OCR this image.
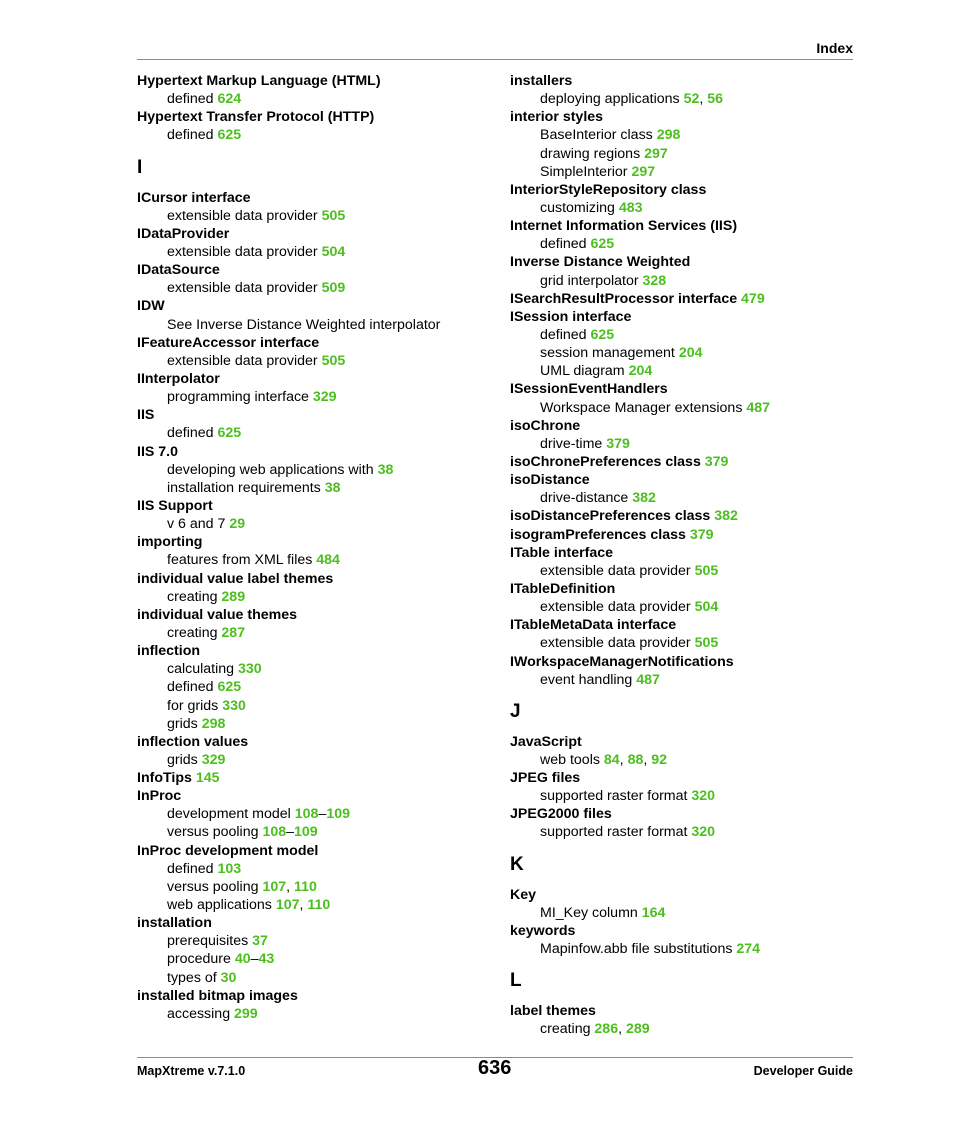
Index
Hypertext Markup Language (HTML)
defined 624
Hypertext Transfer Protocol (HTTP)
defined 625
I
ICursor interface
extensible data provider 505
IDataProvider
extensible data provider 504
IDataSource
extensible data provider 509
IDW
See Inverse Distance Weighted interpolator
IFeatureAccessor interface
extensible data provider 505
IInterpolator
programming interface 329
IIS
defined 625
IIS 7.0
developing web applications with 38
installation requirements 38
IIS Support
v 6 and 7 29
importing
features from XML files 484
individual value label themes
creating 289
individual value themes
creating 287
inflection
calculating 330
defined 625
for grids 330
grids 298
inflection values
grids 329
InfoTips 145
InProc
development model 108–109
versus pooling 108–109
InProc development model
defined 103
versus pooling 107, 110
web applications 107, 110
installation
prerequisites 37
procedure 40–43
types of 30
installed bitmap images
accessing 299
installers
deploying applications 52, 56
interior styles
BaseInterior class 298
drawing regions 297
SimpleInterior 297
InteriorStyleRepository class
customizing 483
Internet Information Services (IIS)
defined 625
Inverse Distance Weighted
grid interpolator 328
ISearchResultProcessor interface 479
ISession interface
defined 625
session management 204
UML diagram 204
ISessionEventHandlers
Workspace Manager extensions 487
isoChrone
drive-time 379
isoChronePreferences class 379
isoDistance
drive-distance 382
isoDistancePreferences class 382
isogramPreferences class 379
ITable interface
extensible data provider 505
ITableDefinition
extensible data provider 504
ITableMetaData interface
extensible data provider 505
IWorkspaceManagerNotifications
event handling 487
J
JavaScript
web tools 84, 88, 92
JPEG files
supported raster format 320
JPEG2000 files
supported raster format 320
K
Key
MI_Key column 164
keywords
Mapinfow.abb file substitutions 274
L
label themes
creating 286, 289
MapXtreme v.7.1.0	636	Developer Guide
